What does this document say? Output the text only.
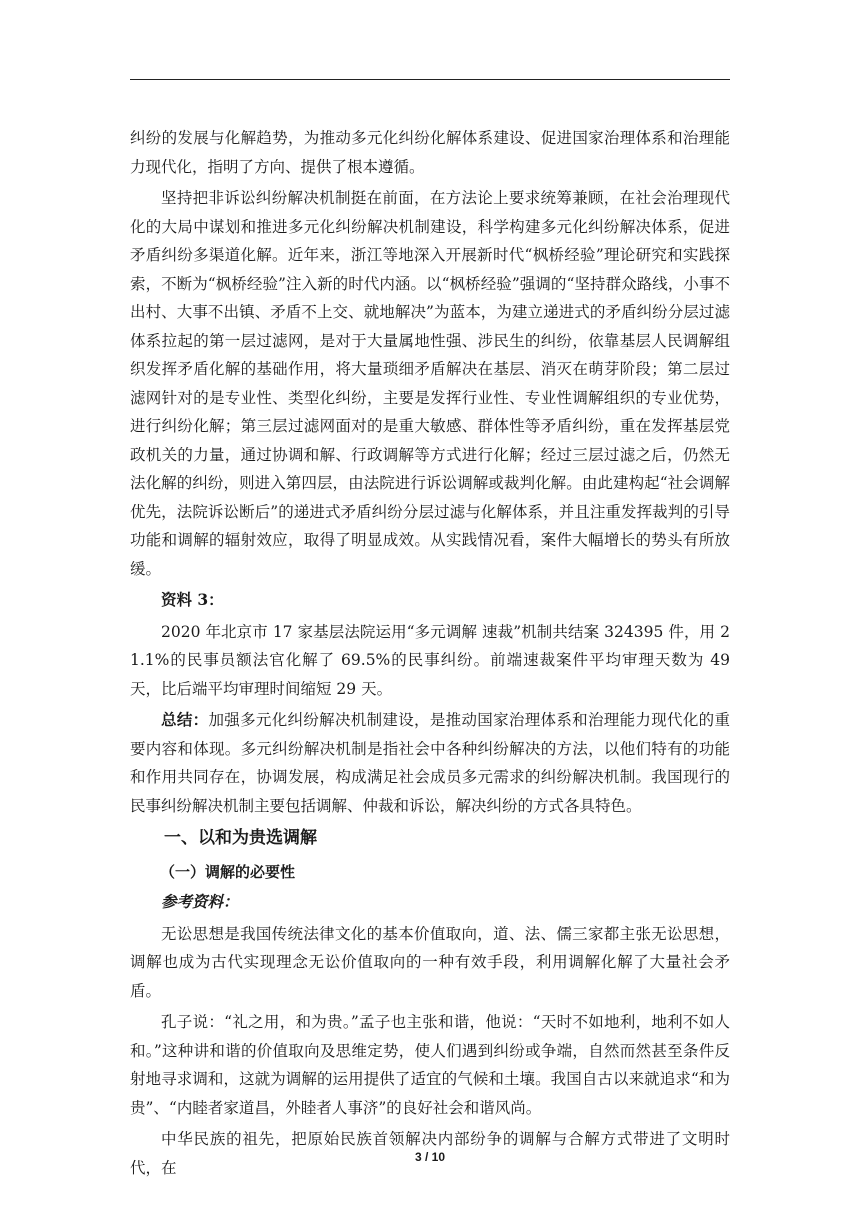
纠纷的发展与化解趋势，为推动多元化纠纷化解体系建设、促进国家治理体系和治理能力现代化，指明了方向、提供了根本遵循。

坚持把非诉讼纠纷解决机制挺在前面，在方法论上要求统筹兼顾，在社会治理现代化的大局中谋划和推进多元化纠纷解决机制建设，科学构建多元化纠纷解决体系，促进矛盾纠纷多渠道化解。近年来，浙江等地深入开展新时代“枫桥经验”理论研究和实践探索，不断为“枫桥经验”注入新的时代内涵。以“枫桥经验”强调的“坚持群众路线，小事不出村、大事不出镇、矛盾不上交、就地解决”为蓝本，为建立递进式的矛盾纠纷分层过滤体系拉起的第一层过滤网，是对于大量属地性强、涉民生的纠纷，依靠基层人民调解组织发挥矛盾化解的基础作用，将大量琐细矛盾解决在基层、消灭在萌芽阶段；第二层过滤网针对的是专业性、类型化纠纷，主要是发挥行业性、专业性调解组织的专业优势，进行纠纷化解；第三层过滤网面对的是重大敏感、群体性等矛盾纠纷，重在发挥基层党政机关的力量，通过协调和解、行政调解等方式进行化解；经过三层过滤之后，仍然无法化解的纠纷，则进入第四层，由法院进行诉讼调解或裁判化解。由此建构起“社会调解优先，法院诉讼断后”的递进式矛盾纠纷分层过滤与化解体系，并且注重发挥裁判的引导功能和调解的辐射效应，取得了明显成效。从实践情况看，案件大幅增长的势头有所放缓。

资料 3：

2020 年北京市 17 家基层法院运用“多元调解 速裁”机制共结案 324395 件，用 21.1%的民事员额法官化解了 69.5%的民事纠纷。前端速裁案件平均审理天数为 49 天，比后端平均审理时间缩短 29 天。

总结：加强多元化纠纷解决机制建设，是推动国家治理体系和治理能力现代化的重要内容和体现。多元纠纷解决机制是指社会中各种纠纷解决的方法，以他们特有的功能和作用共同存在，协调发展，构成满足社会成员多元需求的纠纷解决机制。我国现行的民事纠纷解决机制主要包括调解、仲裁和诉讼，解决纠纷的方式各具特色。

一、以和为贵选调解

（一）调解的必要性

参考资料：

无讼思想是我国传统法律文化的基本价值取向，道、法、儒三家都主张无讼思想，调解也成为古代实现理念无讼价值取向的一种有效手段，利用调解化解了大量社会矛盾。

孔子说：“礼之用，和为贵。”孟子也主张和谐，他说：“天时不如地利，地利不如人和。”这种讲和谐的价值取向及思维定势，使人们遇到纠纷或争端，自然而然甚至条件反射地寻求调和，这就为调解的运用提供了适宜的气候和土壤。我国自古以来就追求“和为贵”、“内睦者家道昌，外睦者人事济”的良好社会和谐风尚。

中华民族的祖先，把原始民族首领解决内部纷争的调解与合解方式带进了文明时代，在

3 / 10
